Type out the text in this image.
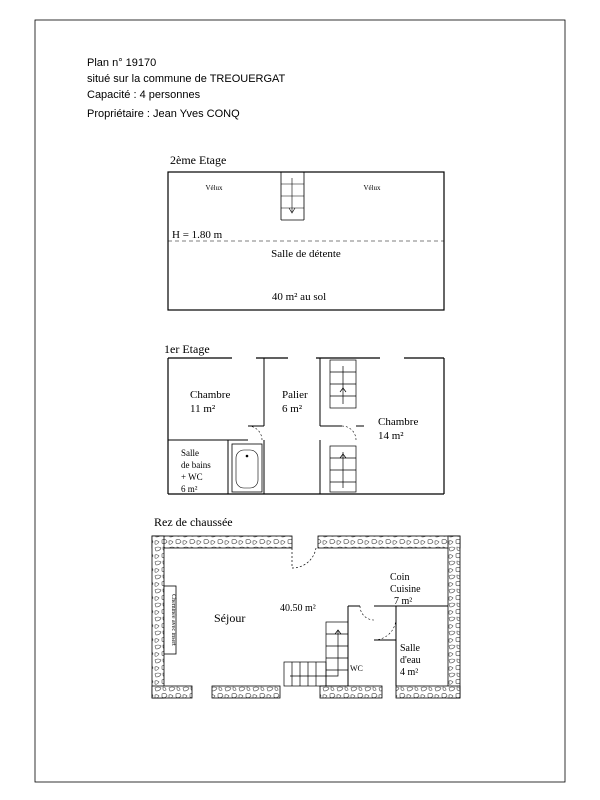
Plan n° 19170
situé sur la commune de TREOUERGAT
Capacité : 4 personnes
Propriétaire : Jean Yves CONQ
2ème Etage
Vélux	Vélux
H = 1.80 m
Salle de détente
40 m² au sol
1er Etage
Chambre
11 m²
Palier
6 m²
Chambre
14 m²
Salle
de bains
+ WC
6 m²
Rez de chaussée
Cheminée avec insert	Séjour
40.50 m²
Coin
Cuisine
7 m²
Salle
d'eau
4 m²
WC
